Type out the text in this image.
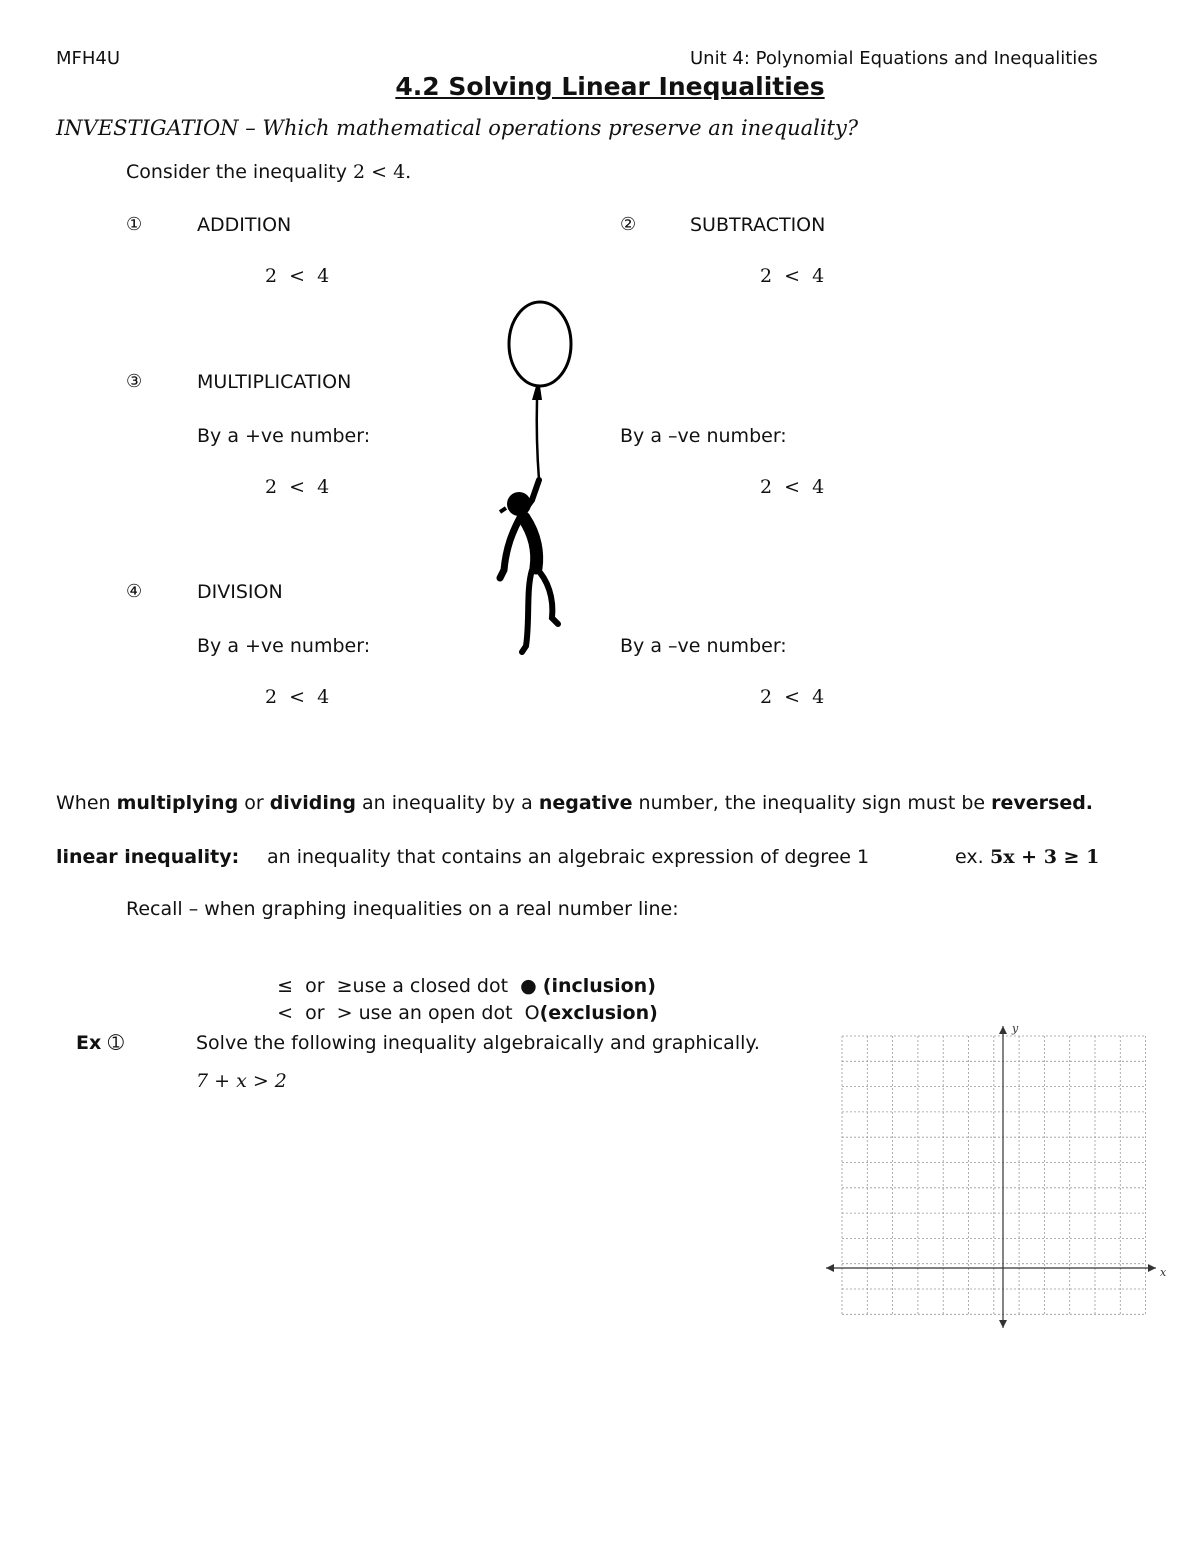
MFH4U	Unit 4: Polynomial Equations and Inequalities
4.2 Solving Linear Inequalities
INVESTIGATION – Which mathematical operations preserve an inequality?
Consider the inequality 2 < 4.
①	ADDITION
2  <  4
②	SUBTRACTION
2  <  4
③	MULTIPLICATION
By a +ve number:
2  <  4
By a –ve number:
2  <  4
④	DIVISION
By a +ve number:
2  <  4
By a –ve number:
2  <  4
When multiplying or dividing an inequality by a negative number, the inequality sign must be reversed.
linear inequality: an inequality that contains an algebraic expression of degree 1	ex. 5x + 3 ≥ 1
Recall – when graphing inequalities on a real number line:

≤  or  ≥use a closed dot  ● (inclusion)

<  or  > use an open dot  O(exclusion)

Ex ➀	Solve the following inequality algebraically and graphically.
7 + x > 2
x
y
